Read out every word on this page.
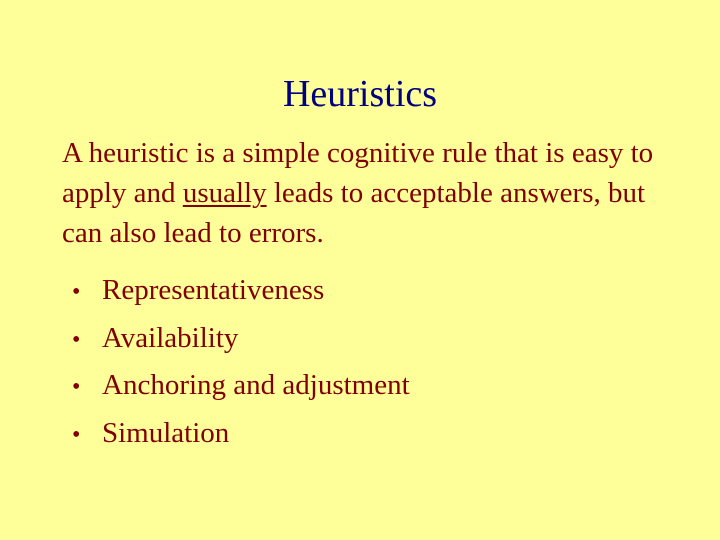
Heuristics

A heuristic is a simple cognitive rule that is easy to apply and usually leads to acceptable answers, but can also lead to errors.

• Representativeness
• Availability
• Anchoring and adjustment
• Simulation
